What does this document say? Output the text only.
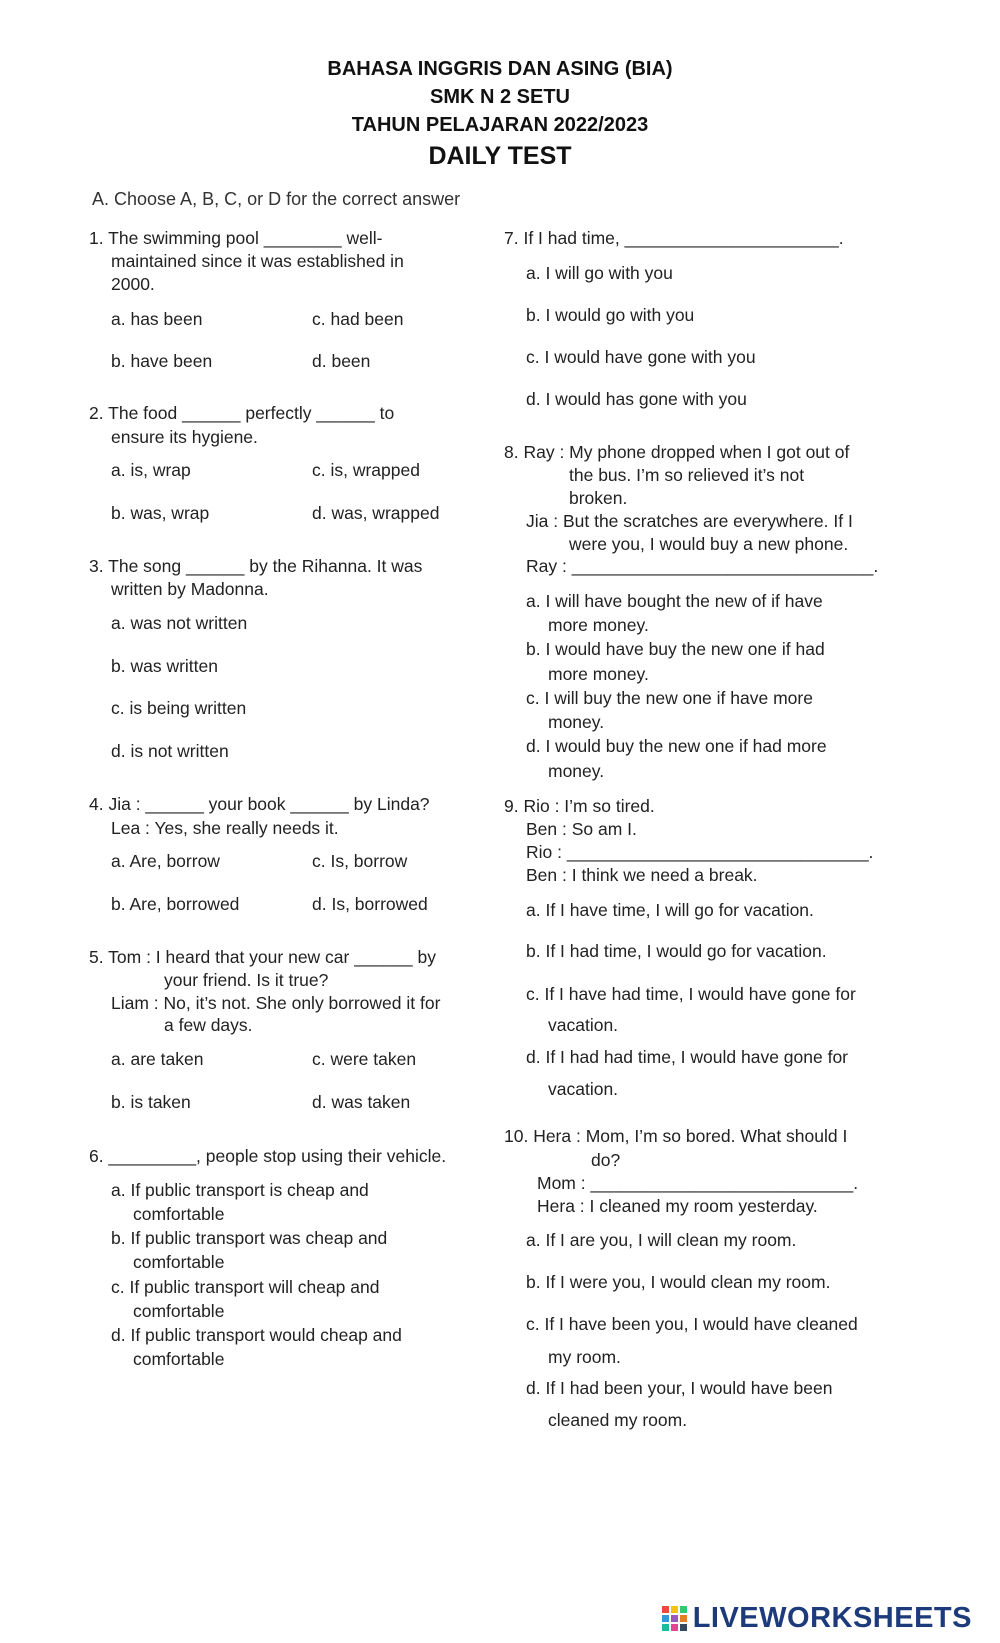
BAHASA INGGRIS DAN ASING (BIA)
SMK N 2 SETU
TAHUN PELAJARAN 2022/2023
DAILY TEST
A. Choose A, B, C, or D for the correct answer
1. The swimming pool ________ well-
maintained since it was established in
2000.
a. has been
b. have been
c. had been
d. been
2. The food ______ perfectly ______ to
ensure its hygiene.
a. is, wrap
b. was, wrap
c. is, wrapped
d. was, wrapped
3. The song ______ by the Rihanna. It was
written by Madonna.
a. was not written
b. was written
c. is being written
d. is not written
4. Jia : ______ your book ______ by Linda?
Lea : Yes, she really needs it.
a. Are, borrow
b. Are, borrowed
c. Is, borrow
d. Is, borrowed
5. Tom : I heard that your new car ______ by
your friend. Is it true?
Liam : No, it’s not. She only borrowed it for
a few days.
a. are taken
b. is taken
c. were taken
d. was taken
6. _________, people stop using their vehicle.
a. If public transport is cheap and
comfortable
b. If public transport was cheap and
comfortable
c. If public transport will cheap and
comfortable
d. If public transport would cheap and
comfortable
7. If I had time, ______________________.
a. I will go with you
b. I would go with you
c. I would have gone with you
d. I would has gone with you
8. Ray : My phone dropped when I got out of
the bus. I’m so relieved it’s not
broken.
Jia : But the scratches are everywhere. If I
were you, I would buy a new phone.
Ray : _______________________________.
a. I will have bought the new of if have
more money.
b. I would have buy the new one if had
more money.
c. I will buy the new one if have more
money.
d. I would buy the new one if had more
money.
9. Rio : I’m so tired.
Ben : So am I.
Rio : _______________________________.
Ben : I think we need a break.
a. If I have time, I will go for vacation.
b. If I had time, I would go for vacation.
c. If I have had time, I would have gone for
vacation.
d. If I had had time, I would have gone for
vacation.
10. Hera : Mom, I’m so bored. What should I
do?
Mom : ___________________________.
Hera : I cleaned my room yesterday.
a. If I are you, I will clean my room.
b. If I were you, I would clean my room.
c. If I have been you, I would have cleaned
my room.
d. If I had been your, I would have been
cleaned my room.
LIVEWORKSHEETS
